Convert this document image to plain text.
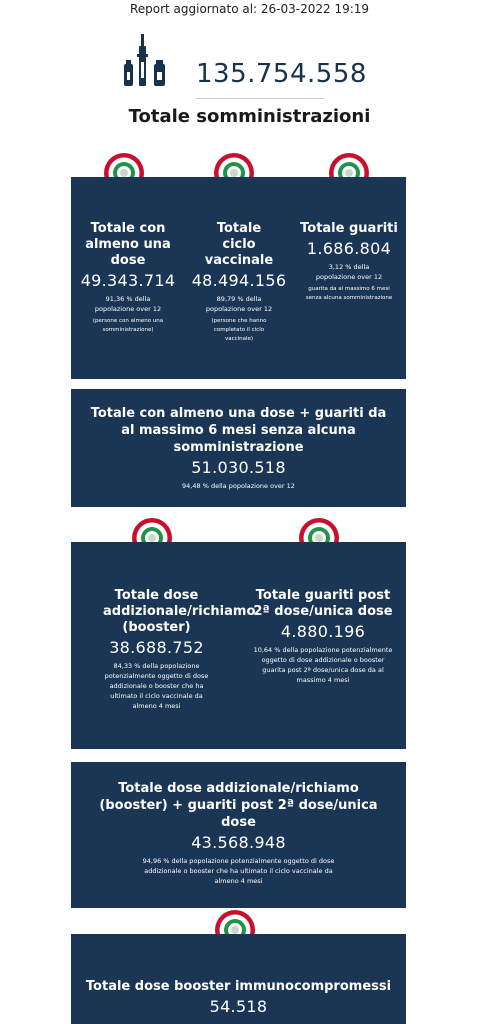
Report aggiornato al: 26-03-2022 19:19
135.754.558
Totale somministrazioni
Totale con almeno una dose
49.343.714
91,36 % della popolazione over 12
(persone con almeno una somministrazione)
Totale ciclo vaccinale
48.494.156
89,79 % della popolazione over 12
(persone che hanno completato il ciclo vaccinale)
Totale guariti
1.686.804
3,12 % della popolazione over 12
guarita da al massimo 6 mesi senza alcuna somministrazione
Totale con almeno una dose + guariti da al massimo 6 mesi senza alcuna somministrazione
51.030.518
94,48 % della popolazione over 12
Totale dose addizionale/richiamo (booster)
38.688.752
84,33 % della popolazione potenzialmente oggetto di dose addizionale o booster che ha ultimato il ciclo vaccinale da almeno 4 mesi
Totale guariti post 2ª dose/unica dose
4.880.196
10,64 % della popolazione potenzialmente oggetto di dose addizionale o booster guarita post 2ª dose/unica dose da al massimo 4 mesi
Totale dose addizionale/richiamo (booster) + guariti post 2ª dose/unica dose
43.568.948
94,96 % della popolazione potenzialmente oggetto di dose addizionale o booster che ha ultimato il ciclo vaccinale da almeno 4 mesi
Totale dose booster immunocompromessi
54.518
